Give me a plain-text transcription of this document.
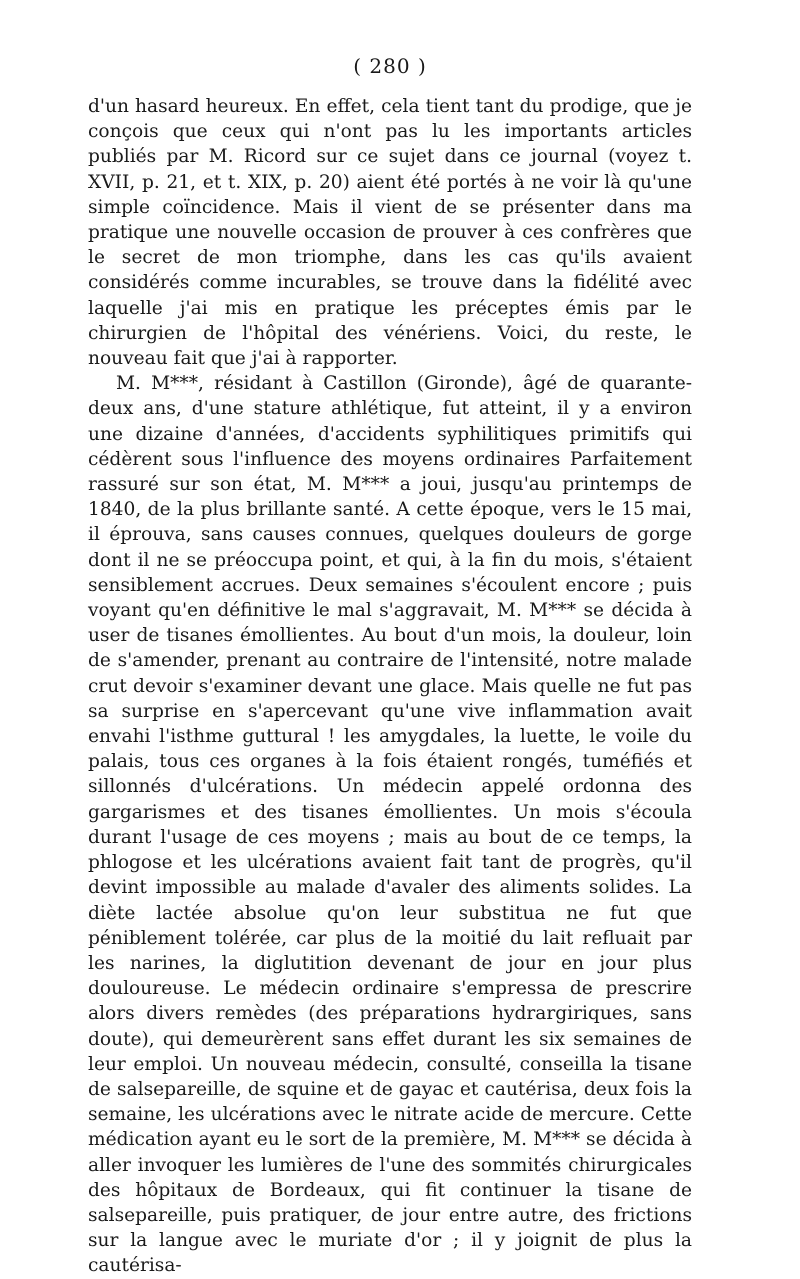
( 280 )

d'un hasard heureux. En effet, cela tient tant du prodige, que je conçois que ceux qui n'ont pas lu les importants articles publiés par M. Ricord sur ce sujet dans ce journal (voyez t. XVII, p. 21, et t. XIX, p. 20) aient été portés à ne voir là qu'une simple coïncidence. Mais il vient de se présenter dans ma pratique une nouvelle occasion de prouver à ces confrères que le secret de mon triomphe, dans les cas qu'ils avaient considérés comme incurables, se trouve dans la fidélité avec laquelle j'ai mis en pratique les préceptes émis par le chirurgien de l'hôpital des vénériens. Voici, du reste, le nouveau fait que j'ai à rapporter.

M. M***, résidant à Castillon (Gironde), âgé de quarante-deux ans, d'une stature athlétique, fut atteint, il y a environ une dizaine d'années, d'accidents syphilitiques primitifs qui cédèrent sous l'influence des moyens ordinaires Parfaitement rassuré sur son état, M. M*** a joui, jusqu'au printemps de 1840, de la plus brillante santé. A cette époque, vers le 15 mai, il éprouva, sans causes connues, quelques douleurs de gorge dont il ne se préoccupa point, et qui, à la fin du mois, s'étaient sensiblement accrues. Deux semaines s'écoulent encore ; puis voyant qu'en définitive le mal s'aggravait, M. M*** se décida à user de tisanes émollientes. Au bout d'un mois, la douleur, loin de s'amender, prenant au contraire de l'intensité, notre malade crut devoir s'examiner devant une glace. Mais quelle ne fut pas sa surprise en s'apercevant qu'une vive inflammation avait envahi l'isthme guttural ! les amygdales, la luette, le voile du palais, tous ces organes à la fois étaient rongés, tuméfiés et sillonnés d'ulcérations. Un médecin appelé ordonna des gargarismes et des tisanes émollientes. Un mois s'écoula durant l'usage de ces moyens ; mais au bout de ce temps, la phlogose et les ulcérations avaient fait tant de progrès, qu'il devint impossible au malade d'avaler des aliments solides. La diète lactée absolue qu'on leur substitua ne fut que péniblement tolérée, car plus de la moitié du lait refluait par les narines, la diglutition devenant de jour en jour plus douloureuse. Le médecin ordinaire s'empressa de prescrire alors divers remèdes (des préparations hydrargiriques, sans doute), qui demeurèrent sans effet durant les six semaines de leur emploi. Un nouveau médecin, consulté, conseilla la tisane de salsepareille, de squine et de gayac et cautérisa, deux fois la semaine, les ulcérations avec le nitrate acide de mercure. Cette médication ayant eu le sort de la première, M. M*** se décida à aller invoquer les lumières de l'une des sommités chirurgicales des hôpitaux de Bordeaux, qui fit continuer la tisane de salsepareille, puis pratiquer, de jour entre autre, des frictions sur la langue avec le muriate d'or ; il y joignit de plus la cautérisa-
